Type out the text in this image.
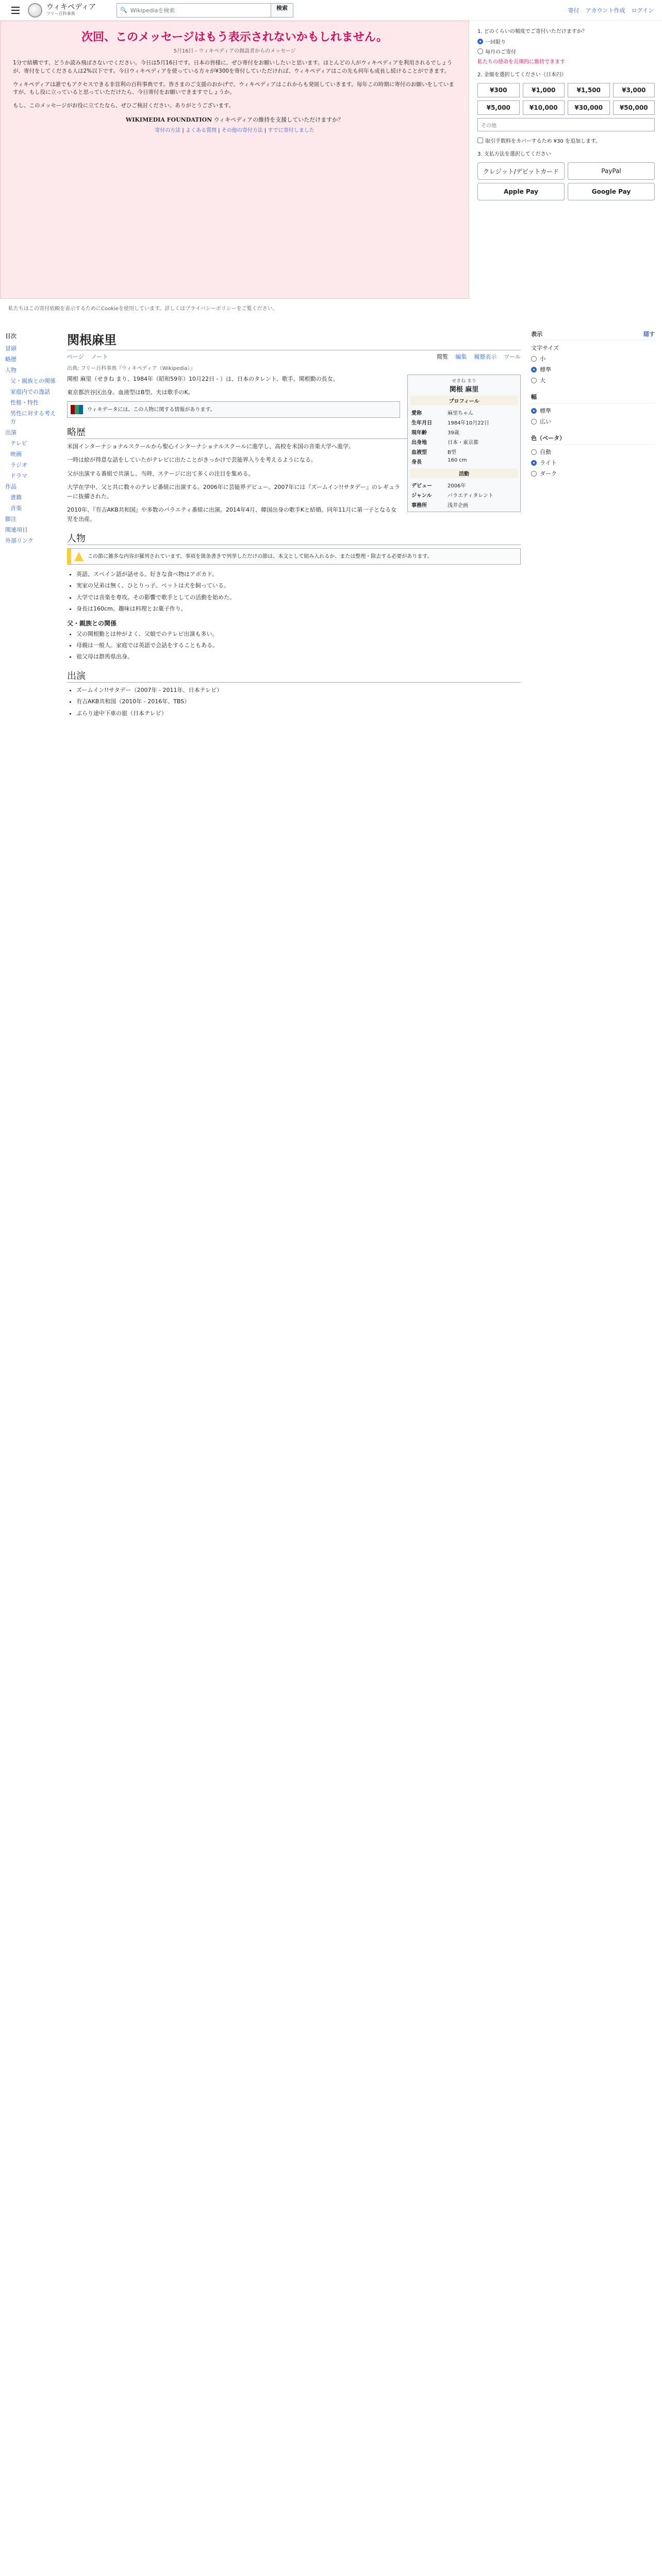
ウィキペディア
フリー百科事典
🔍 Wikipediaを検索	検索	寄付 アカウント作成 ログイン
次回、このメッセージはもう表示されないかもしれません。
5月16日 - ウィキペディアの創設者からのメッセージ

1分で結構です、どうか読み飛ばさないでください。今日は5月16日です。日本の皆様に、ぜひ寄付をお願いしたいと思います。ほとんどの人がウィキペディアを利用されるでしょうが、寄付をしてくださる人は2%以下です。今日ウィキペディアを使っている方々が¥300を寄付していただければ、ウィキペディアはこの先も何年も成長し続けることができます。

ウィキペディアは誰でもアクセスできる非営利の百科事典です。皆さまのご支援のおかげで、ウィキペディアはこれからも発展していきます。毎年この時期に寄付のお願いをしていますが、もし役に立っていると思っていただけたら、今日寄付をお願いできますでしょうか。

もし、このメッセージがお役に立てたなら、ぜひご検討ください。ありがとうございます。

WIKIMEDIA FOUNDATION ウィキペディアの維持を支援していただけますか？
寄付の方法 | よくある質問 | その他の寄付方法 | すでに寄付しました
1. どのくらいの頻度でご寄付いただけますか？
一回限り
毎月のご寄付
私たちの使命を長期的に維持できます
2. 金額を選択してください（日本円）
¥300	¥1,000	¥1,500	¥3,000
¥5,000	¥10,000	¥30,000	¥50,000
その他
取引手数料をカバーするため ¥30 を追加します。
3. 支払方法を選択してください
クレジット/デビットカード	PayPal
Apple Pay	Google Pay
私たちはこの寄付依頼を表示するためにCookieを使用しています。詳しくはプライバシーポリシーをご覧ください。
目次
冒頭
略歴
人物
父・親族との関係
家庭内での逸話
性格・特性
男性に対する考え方
出演
テレビ
映画
ラジオ
ドラマ
作品
書籍
音楽
脚注
関連項目
外部リンク
関根麻里
ページ ノート	閲覧 編集 履歴表示 ツール
出典: フリー百科事典『ウィキペディア（Wikipedia）』
せきね まり
関根 麻里
プロフィール
愛称	麻里ちゃん
生年月日	1984年10月22日
現年齢	39歳
出身地	日本・東京都
血液型	B型
身長	160 cm
活動
デビュー	2006年
ジャンル	バラエティタレント
事務所	浅井企画

関根 麻里（せきね まり、1984年（昭和59年）10月22日 - ）は、日本のタレント、歌手。関根勤の長女。

東京都渋谷区出身。血液型はB型。夫は歌手のK。

ウィキデータには、この人物に関する情報があります。
略歴

米国インターナショナルスクールから聖心インターナショナルスクールに進学し、高校を米国の音楽大学へ進学。

一時は絵が得意な話をしていたがテレビに出たことがきっかけで芸能界入りを考えるようになる。

父が出演する番組で共演し、当時、ステージに出て多くの注目を集める。

大学在学中、父と共に数々のテレビ番組に出演する。2006年に芸能界デビュー。2007年には『ズームイン!!サタデー』のレギュラーに抜擢された。

2010年、『有吉AKB共和国』や多数のバラエティ番組に出演。2014年4月、韓国出身の歌手Kと結婚。同年11月に第一子となる女児を出産。

人物
この節に雑多な内容が羅列されています。事項を箇条書きで列挙しただけの節は、本文として組み入れるか、または整理・除去する必要があります。
• 英語、スペイン語が話せる。好きな食べ物はアボカド。
• 実家の兄弟は無く、ひとりっ子。ペットは犬を飼っている。
• 大学では音楽を専攻。その影響で歌手としての活動を始めた。
• 身長は160cm。趣味は料理とお菓子作り。
父・親族との関係
• 父の関根勤とは仲がよく、父娘でのテレビ出演も多い。
• 母親は一般人。家庭では英語で会話をすることもある。
• 祖父母は群馬県出身。
出演
• ズームイン!!サタデー（2007年 - 2011年、日本テレビ）
• 有吉AKB共和国（2010年 - 2016年、TBS）
• ぶらり途中下車の旅（日本テレビ）
表示	隠す
文字サイズ
小
標準
大
幅
標準
広い
色（ベータ）
自動
ライト
ダーク
